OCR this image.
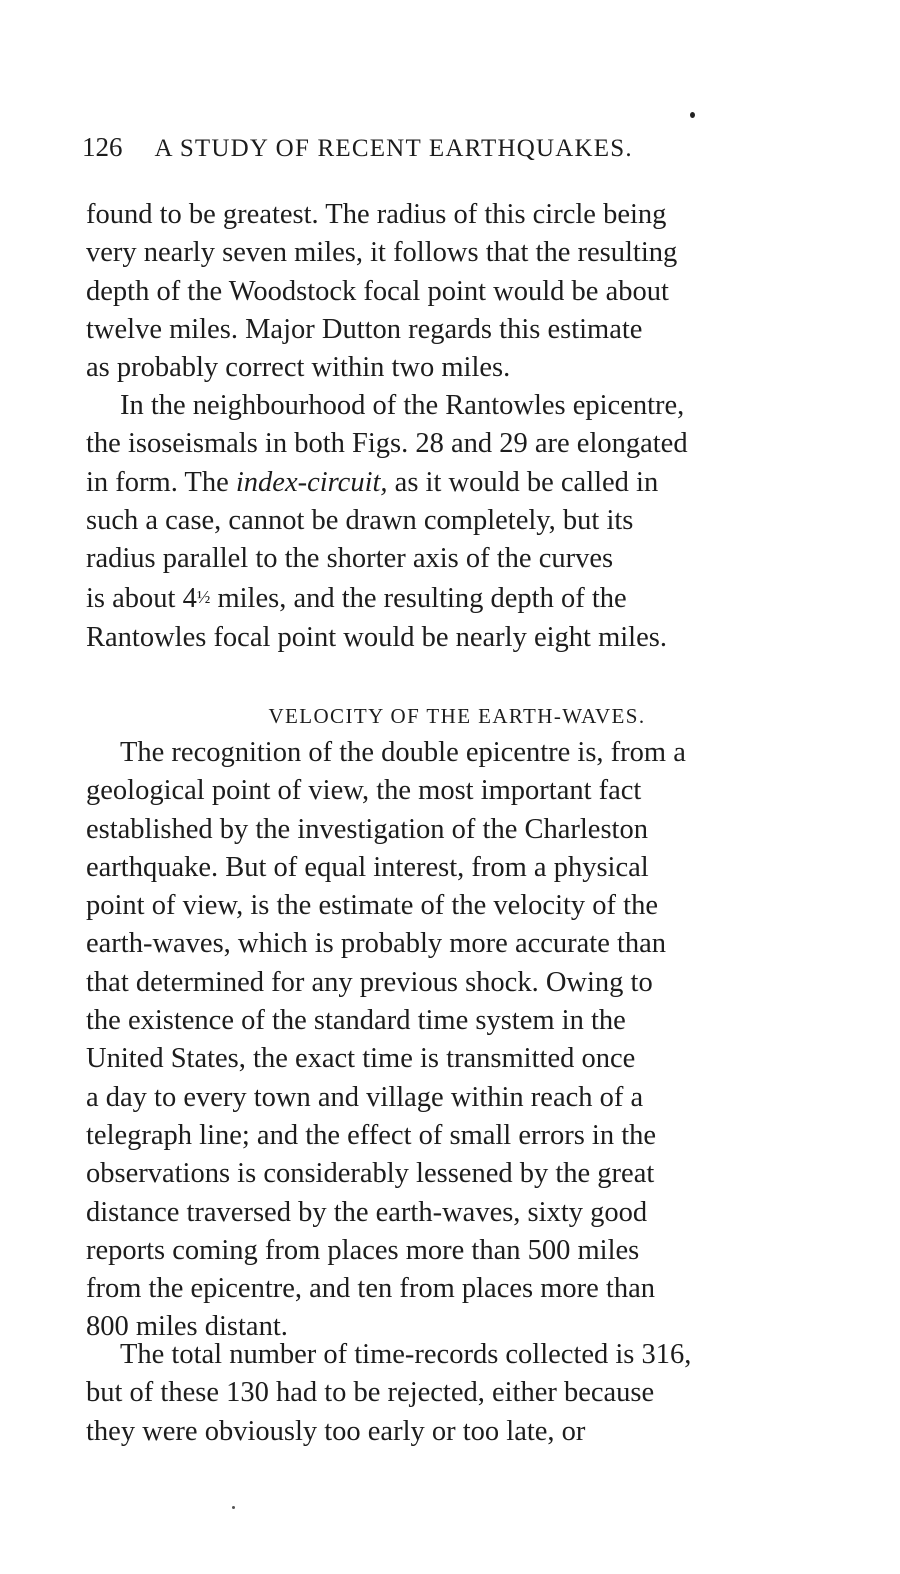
126 A STUDY OF RECENT EARTHQUAKES.

found to be greatest. The radius of this circle being
very nearly seven miles, it follows that the resulting
depth of the Woodstock focal point would be about
twelve miles. Major Dutton regards this estimate
as probably correct within two miles.

In the neighbourhood of the Rantowles epicentre,
the isoseismals in both Figs. 28 and 29 are elongated
in form. The index-circuit, as it would be called in
such a case, cannot be drawn completely, but its
radius parallel to the shorter axis of the curves
is about 4½ miles, and the resulting depth of the
Rantowles focal point would be nearly eight miles.

VELOCITY OF THE EARTH-WAVES.

The recognition of the double epicentre is, from a
geological point of view, the most important fact
established by the investigation of the Charleston
earthquake. But of equal interest, from a physical
point of view, is the estimate of the velocity of the
earth-waves, which is probably more accurate than
that determined for any previous shock. Owing to
the existence of the standard time system in the
United States, the exact time is transmitted once
a day to every town and village within reach of a
telegraph line; and the effect of small errors in the
observations is considerably lessened by the great
distance traversed by the earth-waves, sixty good
reports coming from places more than 500 miles
from the epicentre, and ten from places more than
800 miles distant.

The total number of time-records collected is 316,
but of these 130 had to be rejected, either because
they were obviously too early or too late, or
